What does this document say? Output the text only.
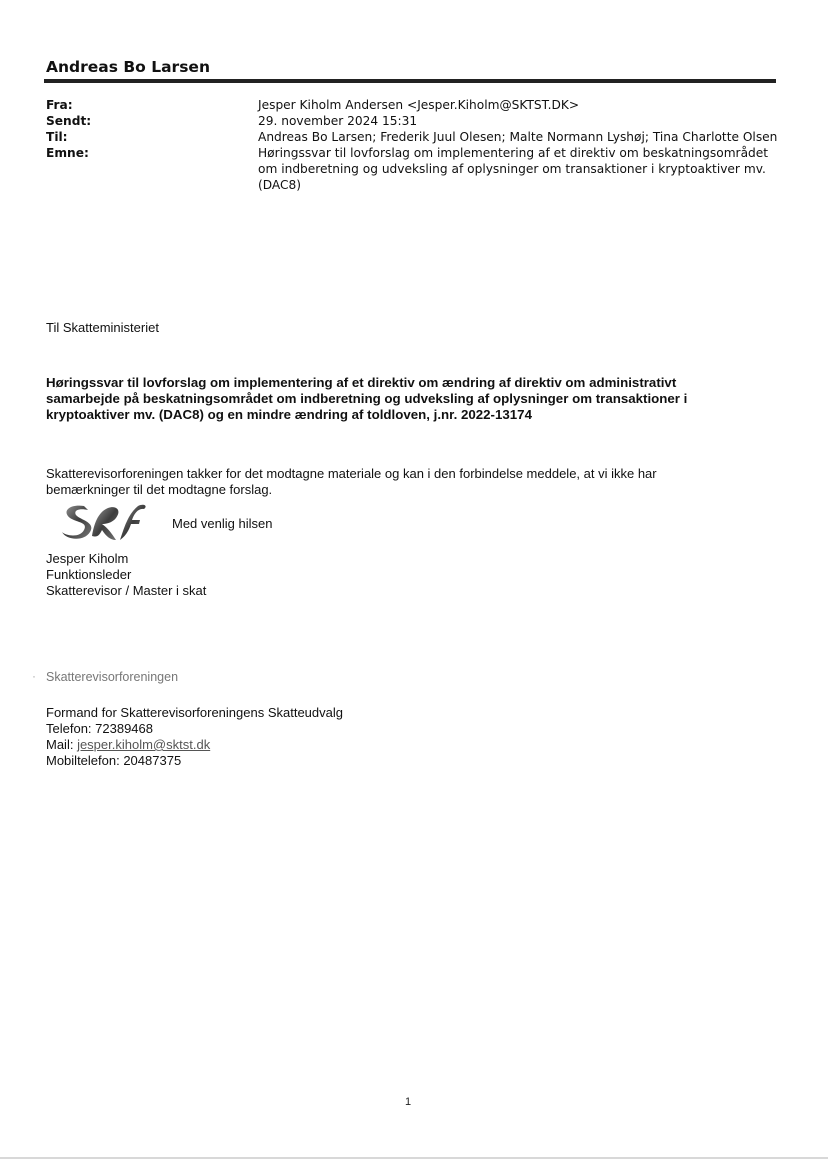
Andreas Bo Larsen
Fra:	Jesper Kiholm Andersen <Jesper.Kiholm@SKTST.DK>
Sendt:	29. november 2024 15:31
Til:	Andreas Bo Larsen; Frederik Juul Olesen; Malte Normann Lyshøj; Tina Charlotte Olsen
Emne:	Høringssvar til lovforslag om implementering af et direktiv om beskatningsområdet om indberetning og udveksling af oplysninger om transaktioner i kryptoaktiver mv. (DAC8)
Til Skatteministeriet
Høringssvar til lovforslag om implementering af et direktiv om ændring af direktiv om administrativt samarbejde på beskatningsområdet om indberetning og udveksling af oplysninger om transaktioner i kryptoaktiver mv. (DAC8) og en mindre ændring af toldloven, j.nr. 2022-13174
Skatterevisorforeningen takker for det modtagne materiale og kan i den forbindelse meddele, at vi ikke har bemærkninger til det modtagne forslag.
Med venlig hilsen
Jesper Kiholm
Funktionsleder
Skatterevisor / Master i skat
· Skatterevisorforeningen
Formand for Skatterevisorforeningens Skatteudvalg
Telefon: 72389468
Mail: jesper.kiholm@sktst.dk
Mobiltelefon: 20487375
1
